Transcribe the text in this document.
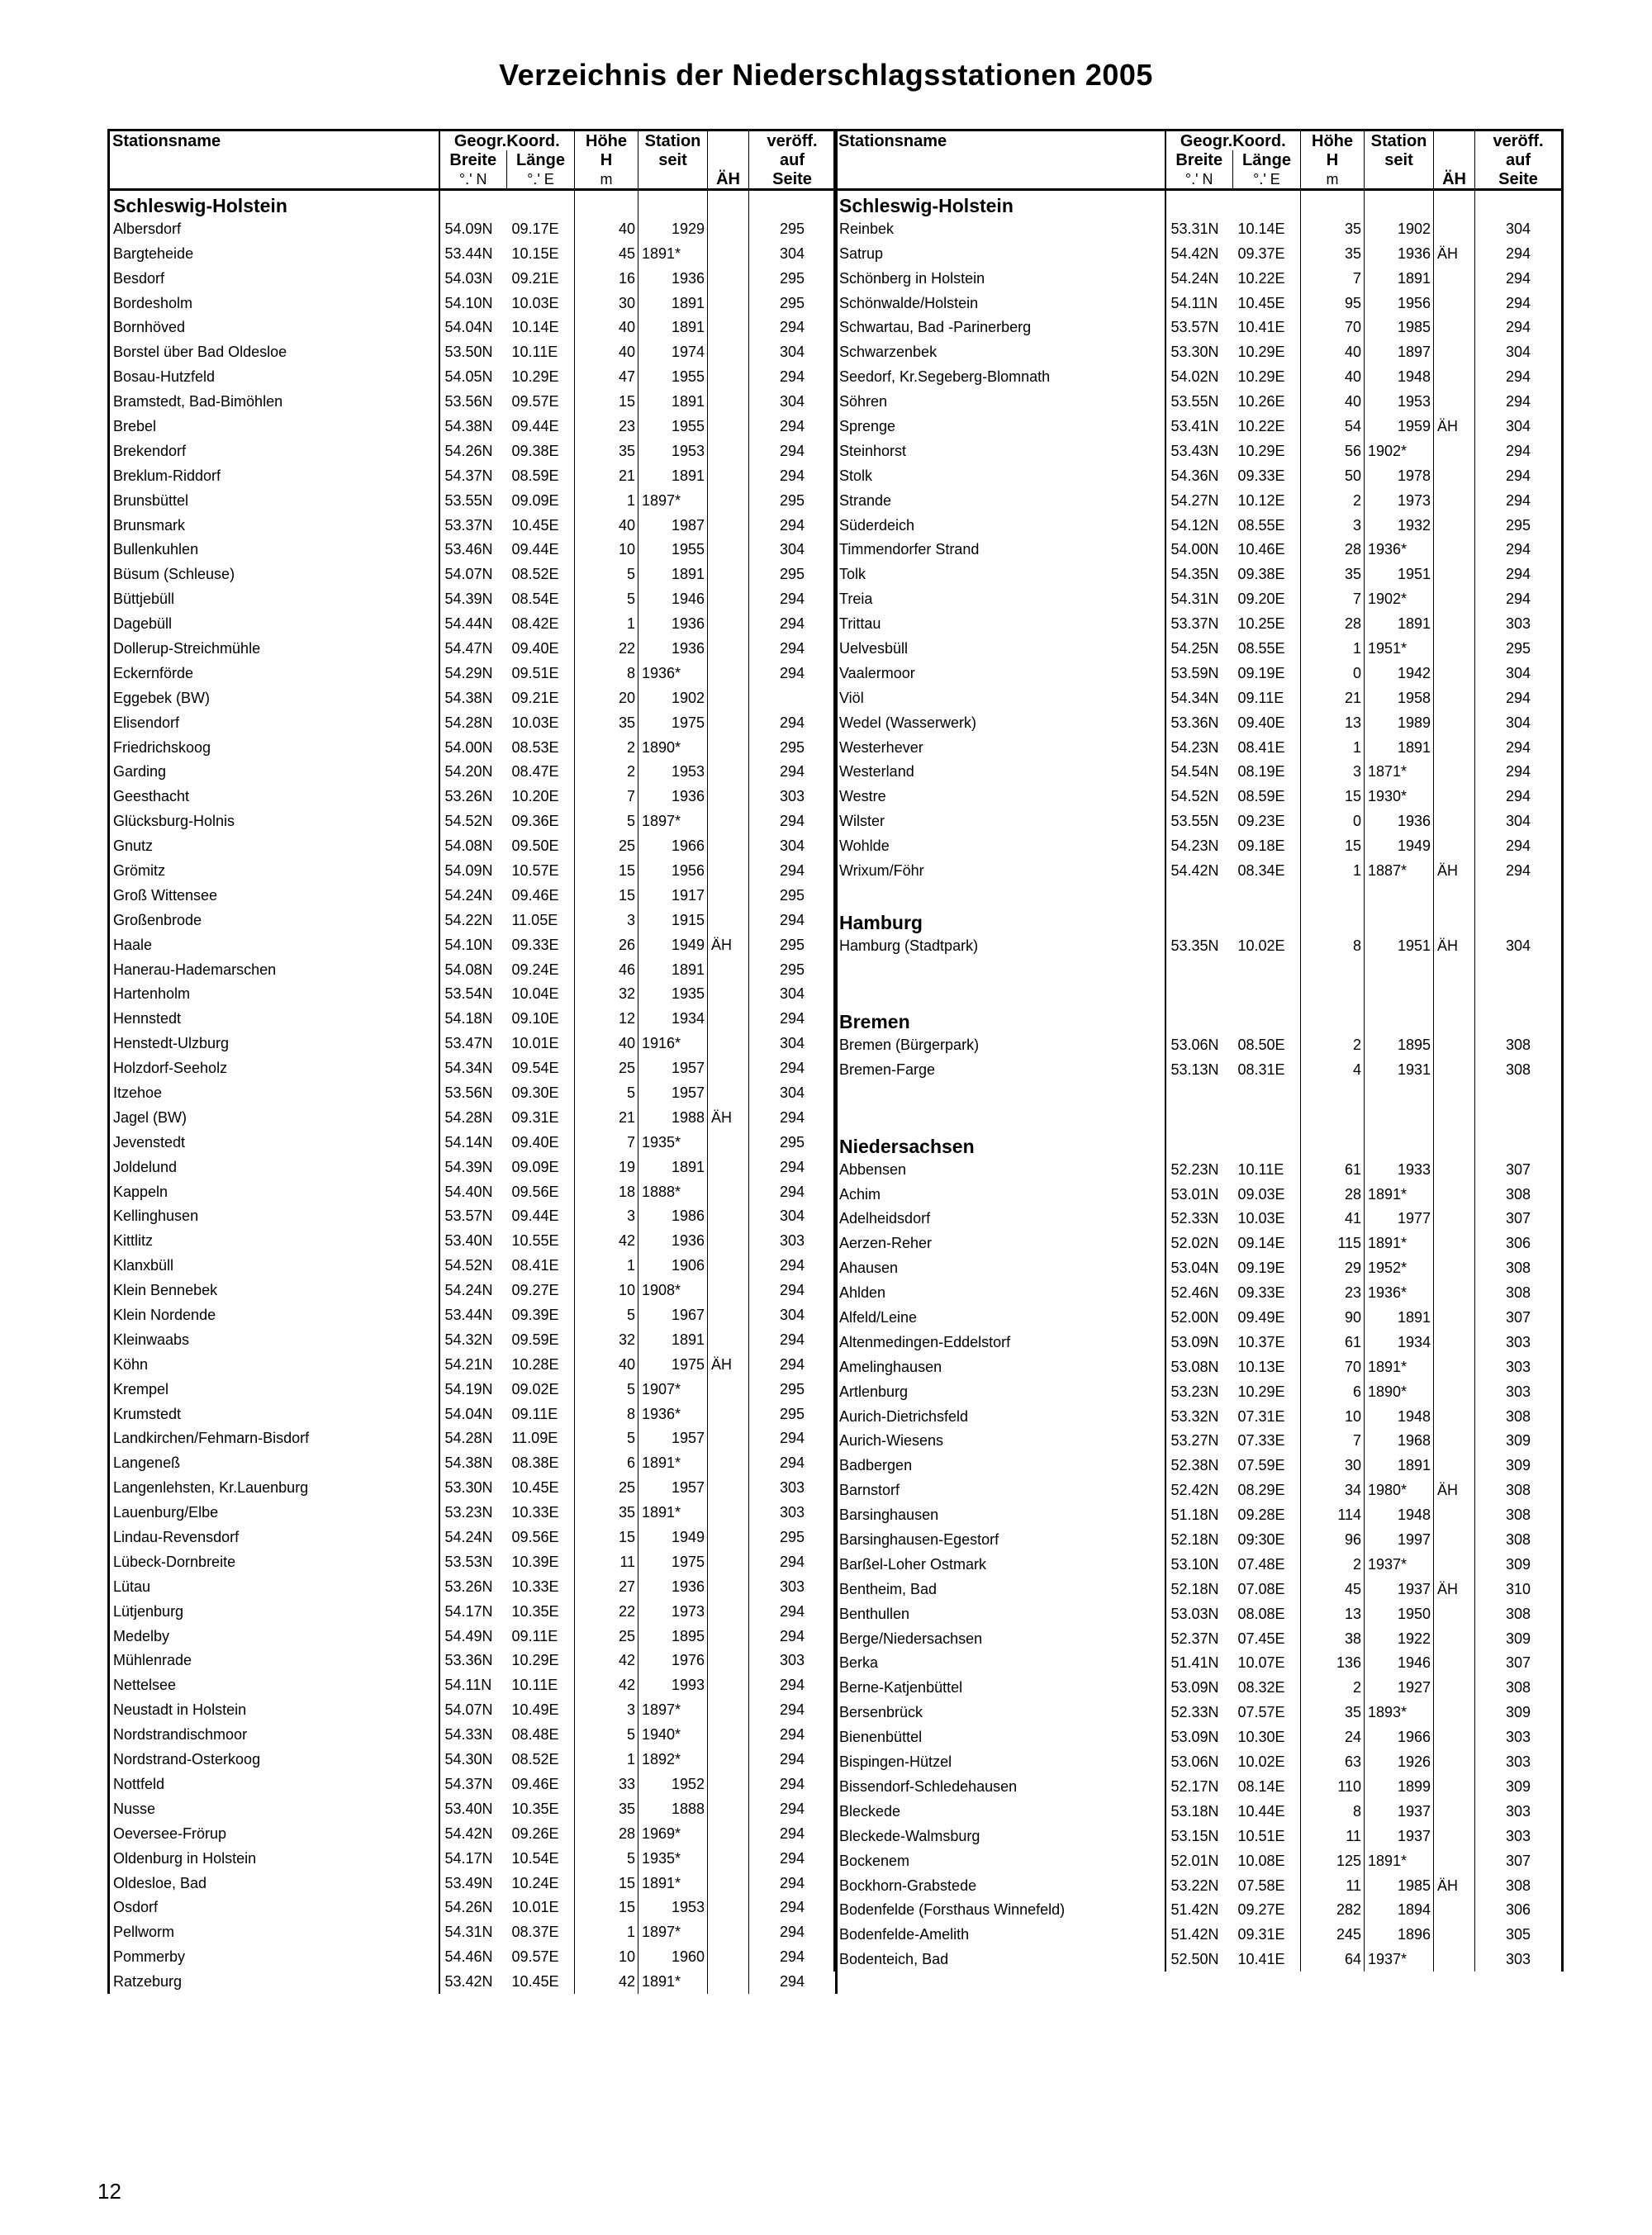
Verzeichnis der Niederschlagsstationen 2005
Stationsname	Geogr.Koord.		Höhe	Station		veröff.
	Breite	Länge	H	seit		auf
	°.' N	°.' E	m		ÄH	Seite
Schleswig-Holstein						
Albersdorf	54.09N	09.17E	40	1929		295
Bargteheide	53.44N	10.15E	45	1891*		304
Besdorf	54.03N	09.21E	16	1936		295
Bordesholm	54.10N	10.03E	30	1891		295
Bornhöved	54.04N	10.14E	40	1891		294
Borstel über Bad Oldesloe	53.50N	10.11E	40	1974		304
Bosau-Hutzfeld	54.05N	10.29E	47	1955		294
Bramstedt, Bad-Bimöhlen	53.56N	09.57E	15	1891		304
Brebel	54.38N	09.44E	23	1955		294
Brekendorf	54.26N	09.38E	35	1953		294
Breklum-Riddorf	54.37N	08.59E	21	1891		294
Brunsbüttel	53.55N	09.09E	1	1897*		295
Brunsmark	53.37N	10.45E	40	1987		294
Bullenkuhlen	53.46N	09.44E	10	1955		304
Büsum (Schleuse)	54.07N	08.52E	5	1891		295
Büttjebüll	54.39N	08.54E	5	1946		294
Dagebüll	54.44N	08.42E	1	1936		294
Dollerup-Streichmühle	54.47N	09.40E	22	1936		294
Eckernförde	54.29N	09.51E	8	1936*		294
Eggebek (BW)	54.38N	09.21E	20	1902		
Elisendorf	54.28N	10.03E	35	1975		294
Friedrichskoog	54.00N	08.53E	2	1890*		295
Garding	54.20N	08.47E	2	1953		294
Geesthacht	53.26N	10.20E	7	1936		303
Glücksburg-Holnis	54.52N	09.36E	5	1897*		294
Gnutz	54.08N	09.50E	25	1966		304
Grömitz	54.09N	10.57E	15	1956		294
Groß Wittensee	54.24N	09.46E	15	1917		295
Großenbrode	54.22N	11.05E	3	1915		294
Haale	54.10N	09.33E	26	1949	ÄH	295
Hanerau-Hademarschen	54.08N	09.24E	46	1891		295
Hartenholm	53.54N	10.04E	32	1935		304
Hennstedt	54.18N	09.10E	12	1934		294
Henstedt-Ulzburg	53.47N	10.01E	40	1916*		304
Holzdorf-Seeholz	54.34N	09.54E	25	1957		294
Itzehoe	53.56N	09.30E	5	1957		304
Jagel (BW)	54.28N	09.31E	21	1988	ÄH	294
Jevenstedt	54.14N	09.40E	7	1935*		295
Joldelund	54.39N	09.09E	19	1891		294
Kappeln	54.40N	09.56E	18	1888*		294
Kellinghusen	53.57N	09.44E	3	1986		304
Kittlitz	53.40N	10.55E	42	1936		303
Klanxbüll	54.52N	08.41E	1	1906		294
Klein Bennebek	54.24N	09.27E	10	1908*		294
Klein Nordende	53.44N	09.39E	5	1967		304
Kleinwaabs	54.32N	09.59E	32	1891		294
Köhn	54.21N	10.28E	40	1975	ÄH	294
Krempel	54.19N	09.02E	5	1907*		295
Krumstedt	54.04N	09.11E	8	1936*		295
Landkirchen/Fehmarn-Bisdorf	54.28N	11.09E	5	1957		294
Langeneß	54.38N	08.38E	6	1891*		294
Langenlehsten, Kr.Lauenburg	53.30N	10.45E	25	1957		303
Lauenburg/Elbe	53.23N	10.33E	35	1891*		303
Lindau-Revensdorf	54.24N	09.56E	15	1949		295
Lübeck-Dornbreite	53.53N	10.39E	11	1975		294
Lütau	53.26N	10.33E	27	1936		303
Lütjenburg	54.17N	10.35E	22	1973		294
Medelby	54.49N	09.11E	25	1895		294
Mühlenrade	53.36N	10.29E	42	1976		303
Nettelsee	54.11N	10.11E	42	1993		294
Neustadt in Holstein	54.07N	10.49E	3	1897*		294
Nordstrandischmoor	54.33N	08.48E	5	1940*		294
Nordstrand-Osterkoog	54.30N	08.52E	1	1892*		294
Nottfeld	54.37N	09.46E	33	1952		294
Nusse	53.40N	10.35E	35	1888		294
Oeversee-Frörup	54.42N	09.26E	28	1969*		294
Oldenburg in Holstein	54.17N	10.54E	5	1935*		294
Oldesloe, Bad	53.49N	10.24E	15	1891*		294
Osdorf	54.26N	10.01E	15	1953		294
Pellworm	54.31N	08.37E	1	1897*		294
Pommerby	54.46N	09.57E	10	1960		294
Ratzeburg	53.42N	10.45E	42	1891*		294
Stationsname	Geogr.Koord.		Höhe	Station		veröff.
	Breite	Länge	H	seit		auf
	°.' N	°.' E	m		ÄH	Seite
Schleswig-Holstein						
Reinbek	53.31N	10.14E	35	1902		304
Satrup	54.42N	09.37E	35	1936	ÄH	294
Schönberg in Holstein	54.24N	10.22E	7	1891		294
Schönwalde/Holstein	54.11N	10.45E	95	1956		294
Schwartau, Bad -Parinerberg	53.57N	10.41E	70	1985		294
Schwarzenbek	53.30N	10.29E	40	1897		304
Seedorf, Kr.Segeberg-Blomnath	54.02N	10.29E	40	1948		294
Söhren	53.55N	10.26E	40	1953		294
Sprenge	53.41N	10.22E	54	1959	ÄH	304
Steinhorst	53.43N	10.29E	56	1902*		294
Stolk	54.36N	09.33E	50	1978		294
Strande	54.27N	10.12E	2	1973		294
Süderdeich	54.12N	08.55E	3	1932		295
Timmendorfer Strand	54.00N	10.46E	28	1936*		294
Tolk	54.35N	09.38E	35	1951		294
Treia	54.31N	09.20E	7	1902*		294
Trittau	53.37N	10.25E	28	1891		303
Uelvesbüll	54.25N	08.55E	1	1951*		295
Vaalermoor	53.59N	09.19E	0	1942		304
Viöl	54.34N	09.11E	21	1958		294
Wedel (Wasserwerk)	53.36N	09.40E	13	1989		304
Westerhever	54.23N	08.41E	1	1891		294
Westerland	54.54N	08.19E	3	1871*		294
Westre	54.52N	08.59E	15	1930*		294
Wilster	53.55N	09.23E	0	1936		304
Wohlde	54.23N	09.18E	15	1949		294
Wrixum/Föhr	54.42N	08.34E	1	1887*	ÄH	294

Hamburg						
Hamburg (Stadtpark)	53.35N	10.02E	8	1951	ÄH	304

Bremen						
Bremen (Bürgerpark)	53.06N	08.50E	2	1895		308
Bremen-Farge	53.13N	08.31E	4	1931		308

Niedersachsen						
Abbensen	52.23N	10.11E	61	1933		307
Achim	53.01N	09.03E	28	1891*		308
Adelheidsdorf	52.33N	10.03E	41	1977		307
Aerzen-Reher	52.02N	09.14E	115	1891*		306
Ahausen	53.04N	09.19E	29	1952*		308
Ahlden	52.46N	09.33E	23	1936*		308
Alfeld/Leine	52.00N	09.49E	90	1891		307
Altenmedingen-Eddelstorf	53.09N	10.37E	61	1934		303
Amelinghausen	53.08N	10.13E	70	1891*		303
Artlenburg	53.23N	10.29E	6	1890*		303
Aurich-Dietrichsfeld	53.32N	07.31E	10	1948		308
Aurich-Wiesens	53.27N	07.33E	7	1968		309
Badbergen	52.38N	07.59E	30	1891		309
Barnstorf	52.42N	08.29E	34	1980*	ÄH	308
Barsinghausen	51.18N	09.28E	114	1948		308
Barsinghausen-Egestorf	52.18N	09:30E	96	1997		308
Barßel-Loher Ostmark	53.10N	07.48E	2	1937*		309
Bentheim, Bad	52.18N	07.08E	45	1937	ÄH	310
Benthullen	53.03N	08.08E	13	1950		308
Berge/Niedersachsen	52.37N	07.45E	38	1922		309
Berka	51.41N	10.07E	136	1946		307
Berne-Katjenbüttel	53.09N	08.32E	2	1927		308
Bersenbrück	52.33N	07.57E	35	1893*		309
Bienenbüttel	53.09N	10.30E	24	1966		303
Bispingen-Hützel	53.06N	10.02E	63	1926		303
Bissendorf-Schledehausen	52.17N	08.14E	110	1899		309
Bleckede	53.18N	10.44E	8	1937		303
Bleckede-Walmsburg	53.15N	10.51E	11	1937		303
Bockenem	52.01N	10.08E	125	1891*		307
Bockhorn-Grabstede	53.22N	07.58E	11	1985	ÄH	308
Bodenfelde (Forsthaus Winnefeld)	51.42N	09.27E	282	1894		306
Bodenfelde-Amelith	51.42N	09.31E	245	1896		305
Bodenteich, Bad	52.50N	10.41E	64	1937*		303
12
